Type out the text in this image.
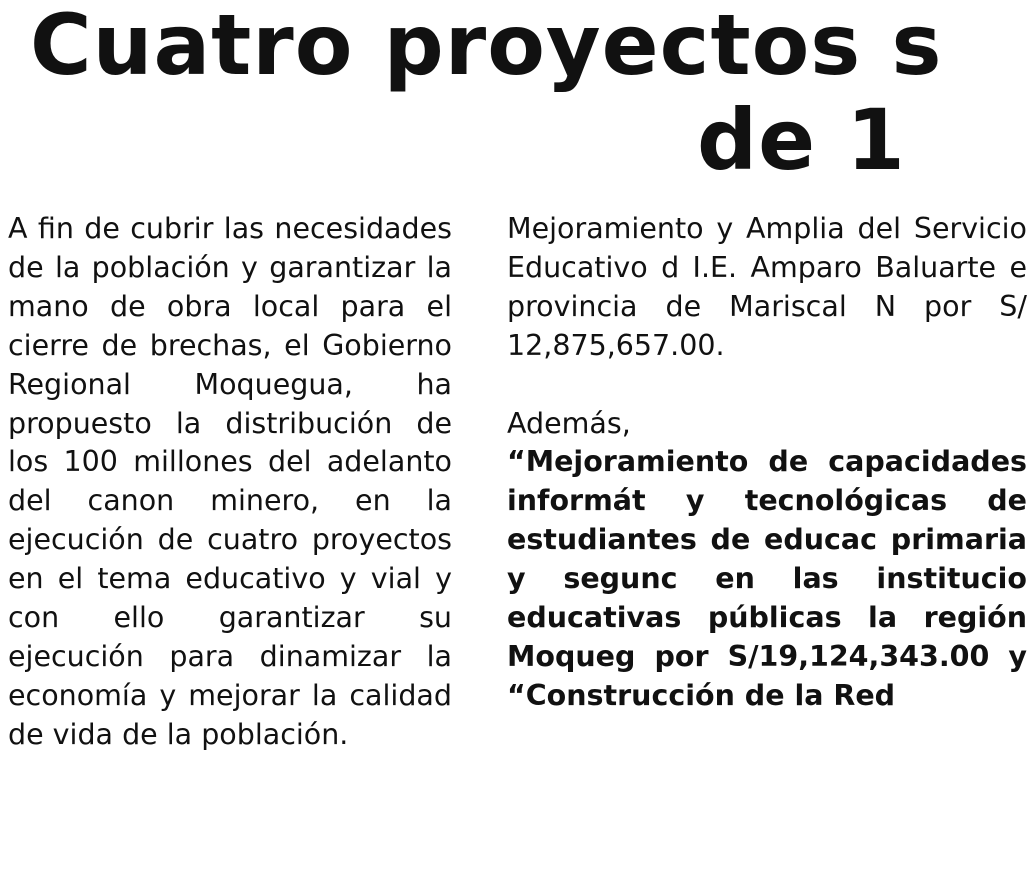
Cuatro proyectos s
de 1

A fin de cubrir las necesidades de la población y garantizar la mano de obra local para el cierre de brechas, el Gobierno Regional Moquegua, ha propuesto la distribución de los 100 millones del adelanto del canon minero, en la ejecución de cuatro proyectos en el tema educativo y vial y con ello garantizar su ejecución para dinamizar la economía y mejorar la calidad de vida de la población.

Mejoramiento y Amplia del Servicio Educativo d I.E. Amparo Baluarte e provincia de Mariscal N por S/ 12,875,657.00.

Además,

“Mejoramiento de capacidades informát y tecnológicas de estudiantes de educac primaria y segunc en las institucio educativas públicas la región Moqueg por S/19,124,343.00 y “Construcción de la Red
